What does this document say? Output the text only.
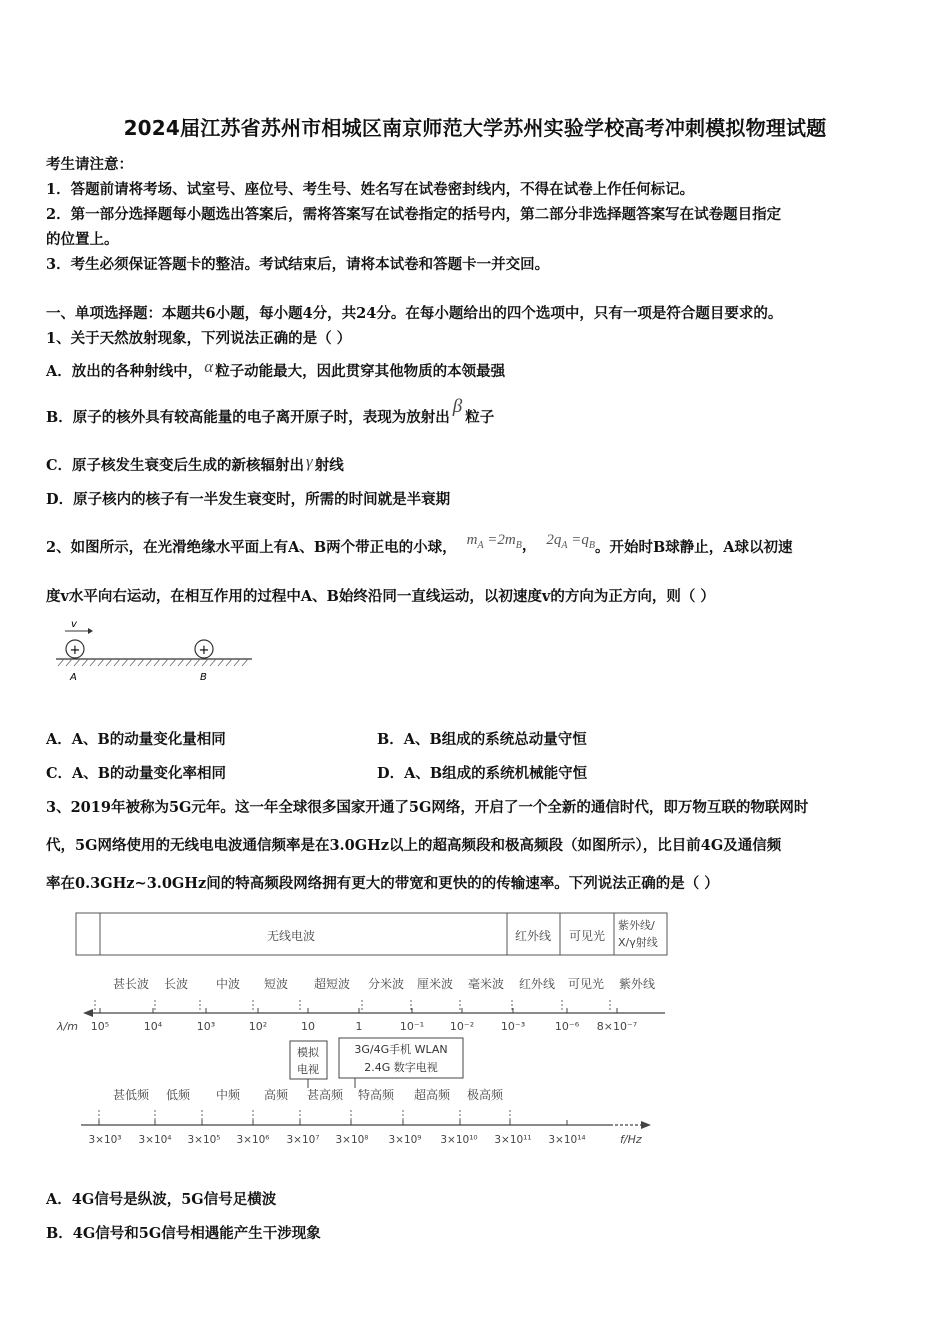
2024届江苏省苏州市相城区南京师范大学苏州实验学校高考冲刺模拟物理试题
考生请注意：
1．答题前请将考场、试室号、座位号、考生号、姓名写在试卷密封线内，不得在试卷上作任何标记。
2．第一部分选择题每小题选出答案后，需将答案写在试卷指定的括号内，第二部分非选择题答案写在试卷题目指定
的位置上。
3．考生必须保证答题卡的整洁。考试结束后，请将本试卷和答题卡一并交回。
一、单项选择题：本题共6小题，每小题4分，共24分。在每小题给出的四个选项中，只有一项是符合题目要求的。
1、关于天然放射现象，下列说法正确的是（ ）
A．放出的各种射线中， α 粒子动能最大，因此贯穿其他物质的本领最强
B．原子的核外具有较高能量的电子离开原子时，表现为放射出β粒子
C．原子核发生衰变后生成的新核辐射出 γ 射线
D．原子核内的核子有一半发生衰变时，所需的时间就是半衰期
2、如图所示，在光滑绝缘水平面上有A、B两个带正电的小球， $m_A =2m_B$， $2q_A =q_B$。开始时B球静止，A球以初速
度v水平向右运动，在相互作用的过程中A、B始终沿同一直线运动，以初速度v的方向为正方向，则（ ）
v
+	+
A	B
A．A、B的动量变化量相同	B．A、B组成的系统总动量守恒
C．A、B的动量变化率相同	D．A、B组成的系统机械能守恒
3、2019年被称为5G元年。这一年全球很多国家开通了5G网络，开启了一个全新的通信时代，即万物互联的物联网时
代，5G网络使用的无线电电波通信频率是在3.0GHz以上的超高频段和极高频段（如图所示），比目前4G及通信频
率在0.3GHz~3.0GHz间的特高频段网络拥有更大的带宽和更快的的传输速率。下列说法正确的是（ ）
无线电波	红外线 可见光
紫外线/
X/γ射线
甚长波 长波 中波 短波 超短波 分米波 厘米波 毫米波 红外线 可见光 紫外线
λ/m 10⁵	10⁴	10³	10²	10	1	10⁻¹ 10⁻² 10⁻³	10⁻⁶ 8×10⁻⁷
模拟
电视
3G/4G手机 WLAN
2.4G 数字电视
甚低频 低频 中频 高频 甚高频 特高频 超高频 极高频
3×10³ 3×10⁴ 3×10⁵ 3×10⁶ 3×10⁷ 3×10⁸ 3×10⁹ 3×10¹⁰ 3×10¹¹ 3×10¹⁴	f/Hz
A．4G信号是纵波，5G信号足横波
B．4G信号和5G信号相遇能产生干涉现象
